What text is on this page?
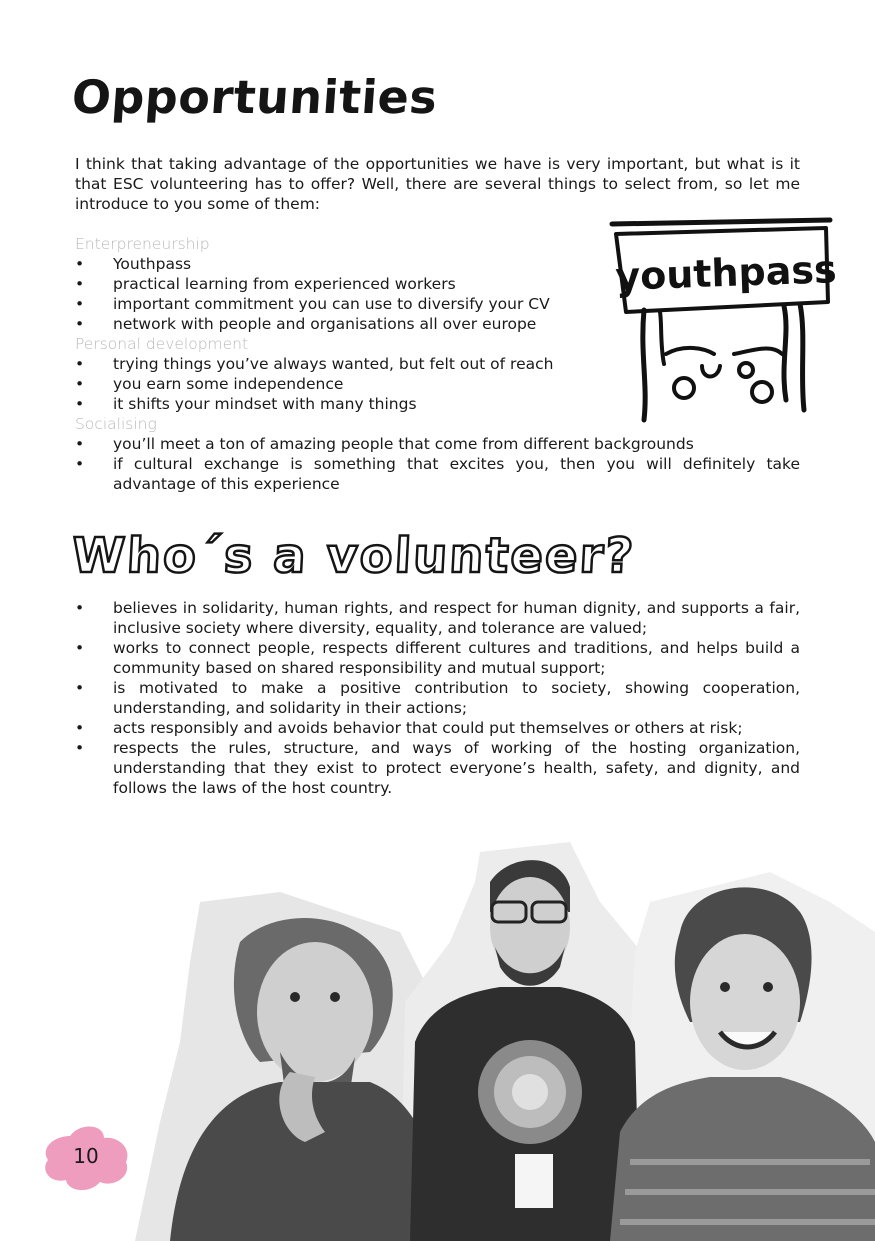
Opportunities

I think that taking advantage of the opportunities we have is very important, but what is it that ESC volunteering has to offer? Well, there are several things to select from, so let me introduce to you some of them:

Enterpreneurship
• Youthpass
• practical learning from experienced workers
• important commitment you can use to diversify your CV
• network with people and organisations all over europe
Personal development
• trying things you’ve always wanted, but felt out of reach
• you earn some independence
• it shifts your mindset with many things
Socialising
• you’ll meet a ton of amazing people that come from different backgrounds
• if cultural exchange is something that excites you, then you will definitely take advantage of this experience
youthpass
Who´s a volunteer?
• believes in solidarity, human rights, and respect for human dignity, and supports a fair, inclusive society where diversity, equality, and tolerance are valued;
• works to connect people, respects different cultures and traditions, and helps build a community based on shared responsibility and mutual support;
• is motivated to make a positive contribution to society, showing cooperation, understanding, and solidarity in their actions;
• acts responsibly and avoids behavior that could put themselves or others at risk;
• respects the rules, structure, and ways of working of the hosting organization, understanding that they exist to protect everyone’s health, safety, and dignity, and follows the laws of the host country.
10
